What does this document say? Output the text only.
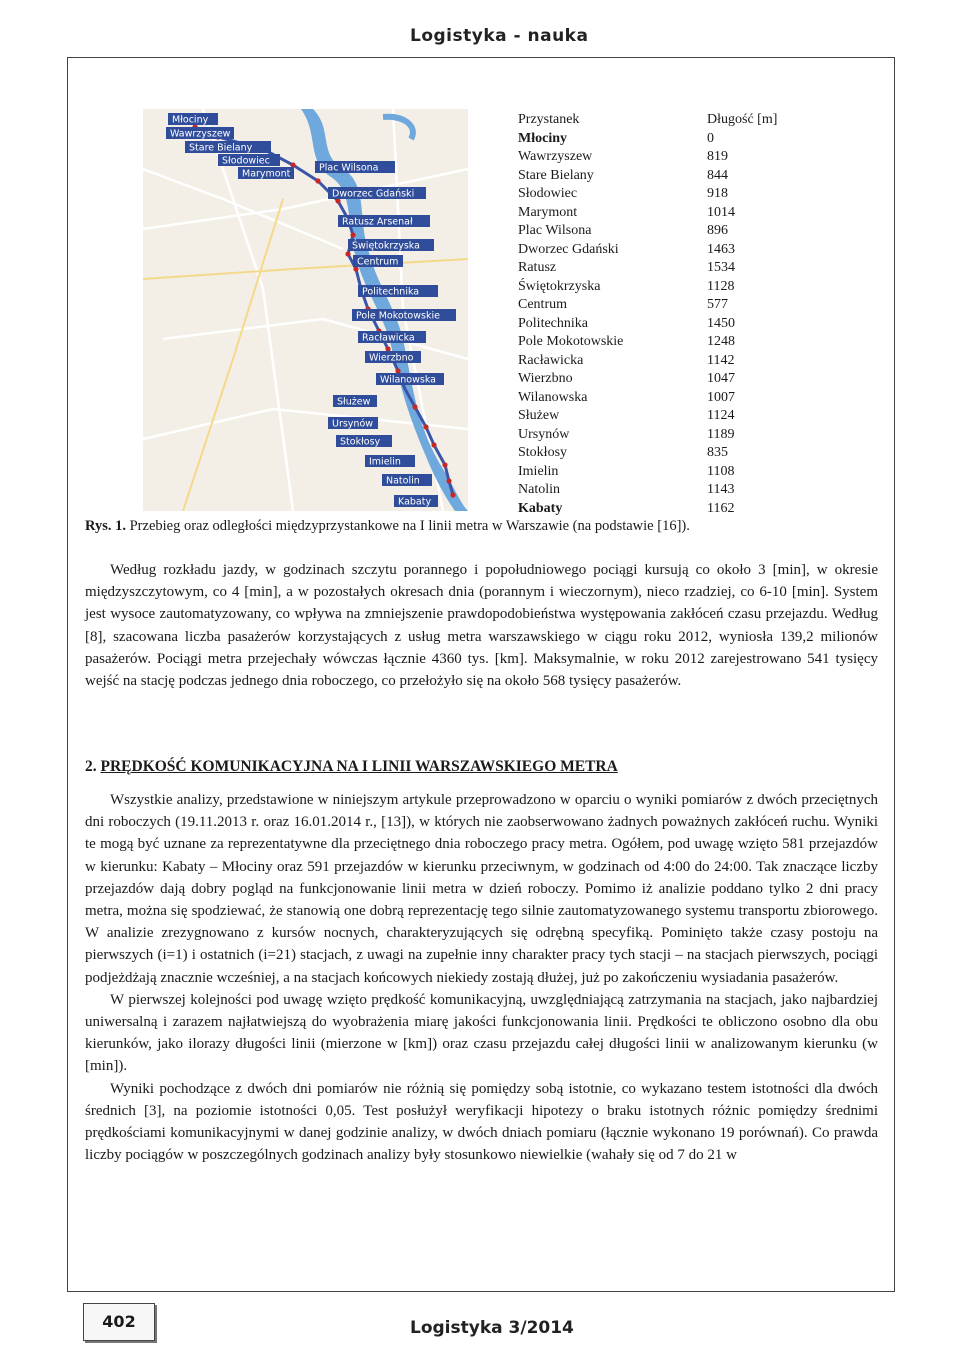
Logistyka - nauka
Młociny
Wawrzyszew
Stare Bielany
Słodowiec
Marymont
Plac Wilsona
Dworzec Gdański
Ratusz Arsenał
Świętokrzyska
Centrum
Politechnika
Pole Mokotowskie
Racławicka
Wierzbno
Wilanowska
Służew
Ursynów
Stokłosy
Imielin
Natolin
Kabaty
Przystanek	Długość [m]
Młociny	0
Wawrzyszew	819
Stare Bielany	844
Słodowiec	918
Marymont	1014
Plac Wilsona	896
Dworzec Gdański	1463
Ratusz	1534
Świętokrzyska	1128
Centrum	577
Politechnika	1450
Pole Mokotowskie	1248
Racławicka	1142
Wierzbno	1047
Wilanowska	1007
Służew	1124
Ursynów	1189
Stokłosy	835
Imielin	1108
Natolin	1143
Kabaty	1162
Rys. 1. Przebieg oraz odległości międzyprzystankowe na I linii metra w Warszawie (na podstawie [16]).

Według rozkładu jazdy, w godzinach szczytu porannego i popołudniowego pociągi kursują co około 3 [min], w okresie międzyszczytowym, co 4 [min], a w pozostałych okresach dnia (porannym i wieczornym), nieco rzadziej, co 6-10 [min]. System jest wysoce zautomatyzowany, co wpływa na zmniejszenie prawdopodobieństwa występowania zakłóceń czasu przejazdu. Według [8], szacowana liczba pasażerów korzystających z usług metra warszawskiego w ciągu roku 2012, wyniosła 139,2 milionów pasażerów. Pociągi metra przejechały wówczas łącznie 4360 tys. [km]. Maksymalnie, w roku 2012 zarejestrowano 541 tysięcy wejść na stację podczas jednego dnia roboczego, co przełożyło się na około 568 tysięcy pasażerów.

2. PRĘDKOŚĆ KOMUNIKACYJNA NA I LINII WARSZAWSKIEGO METRA

Wszystkie analizy, przedstawione w niniejszym artykule przeprowadzono w oparciu o wyniki pomiarów z dwóch przeciętnych dni roboczych (19.11.2013 r. oraz 16.01.2014 r., [13]), w których nie zaobserwowano żadnych poważnych zakłóceń ruchu. Wyniki te mogą być uznane za reprezentatywne dla przeciętnego dnia roboczego pracy metra. Ogółem, pod uwagę wzięto 581 przejazdów w kierunku: Kabaty – Młociny oraz 591 przejazdów w kierunku przeciwnym, w godzinach od 4:00 do 24:00. Tak znaczące liczby przejazdów dają dobry pogląd na funkcjonowanie linii metra w dzień roboczy. Pomimo iż analizie poddano tylko 2 dni pracy metra, można się spodziewać, że stanowią one dobrą reprezentację tego silnie zautomatyzowanego systemu transportu zbiorowego. W analizie zrezygnowano z kursów nocnych, charakteryzujących się odrębną specyfiką. Pominięto także czasy postoju na pierwszych (i=1) i ostatnich (i=21) stacjach, z uwagi na zupełnie inny charakter pracy tych stacji – na stacjach pierwszych, pociągi podjeżdżają znacznie wcześniej, a na stacjach końcowych niekiedy zostają dłużej, już po zakończeniu wysiadania pasażerów.

W pierwszej kolejności pod uwagę wzięto prędkość komunikacyjną, uwzględniającą zatrzymania na stacjach, jako najbardziej uniwersalną i zarazem najłatwiejszą do wyobrażenia miarę jakości funkcjonowania linii. Prędkości te obliczono osobno dla obu kierunków, jako ilorazy długości linii (mierzone w [km]) oraz czasu przejazdu całej długości linii w analizowanym kierunku (w [min]).

Wyniki pochodzące z dwóch dni pomiarów nie różnią się pomiędzy sobą istotnie, co wykazano testem istotności dla dwóch średnich [3], na poziomie istotności 0,05. Test posłużył weryfikacji hipotezy o braku istotnych różnic pomiędzy średnimi prędkościami komunikacyjnymi w danej godzinie analizy, w dwóch dniach pomiaru (łącznie wykonano 19 porównań). Co prawda liczby pociągów w poszczególnych godzinach analizy były stosunkowo niewielkie (wahały się od 7 do 21 w

402	Logistyka 3/2014
